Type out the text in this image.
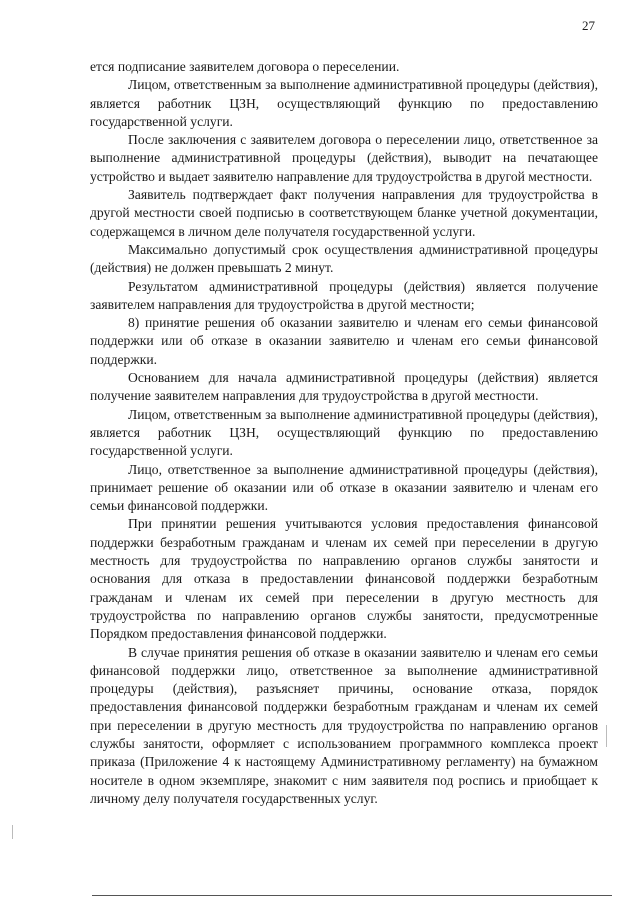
27

ется подписание заявителем договора о переселении.

Лицом, ответственным за выполнение административной процедуры (действия), является работник ЦЗН, осуществляющий функцию по предоставлению государственной услуги.

После заключения с заявителем договора о переселении лицо, ответственное за выполнение административной процедуры (действия), выводит на печатающее устройство и выдает заявителю направление для трудоустройства в другой местности.

Заявитель подтверждает факт получения направления для трудоустройства в другой местности своей подписью в соответствующем бланке учетной документации, содержащемся в личном деле получателя государственной услуги.

Максимально допустимый срок осуществления административной процедуры (действия) не должен превышать 2 минут.

Результатом административной процедуры (действия) является получение заявителем направления для трудоустройства в другой местности;

8) принятие решения об оказании заявителю и членам его семьи финансовой поддержки или об отказе в оказании заявителю и членам его семьи финансовой поддержки.

Основанием для начала административной процедуры (действия) является получение заявителем направления для трудоустройства в другой местности.

Лицом, ответственным за выполнение административной процедуры (действия), является работник ЦЗН, осуществляющий функцию по предоставлению государственной услуги.

Лицо, ответственное за выполнение административной процедуры (действия), принимает решение об оказании или об отказе в оказании заявителю и членам его семьи финансовой поддержки.

При принятии решения учитываются условия предоставления финансовой поддержки безработным гражданам и членам их семей при переселении в другую местность для трудоустройства по направлению органов службы занятости и основания для отказа в предоставлении финансовой поддержки безработным гражданам и членам их семей при переселении в другую местность для трудоустройства по направлению органов службы занятости, предусмотренные Порядком предоставления финансовой поддержки.

В случае принятия решения об отказе в оказании заявителю и членам его семьи финансовой поддержки лицо, ответственное за выполнение административной процедуры (действия), разъясняет причины, основание отказа, порядок предоставления финансовой поддержки безработным гражданам и членам их семей при переселении в другую местность для трудоустройства по направлению органов службы занятости, оформляет с использованием программного комплекса проект приказа (Приложение 4 к настоящему Административному регламенту) на бумажном носителе в одном экземпляре, знакомит с ним заявителя под роспись и приобщает к личному делу получателя государственных услуг.
